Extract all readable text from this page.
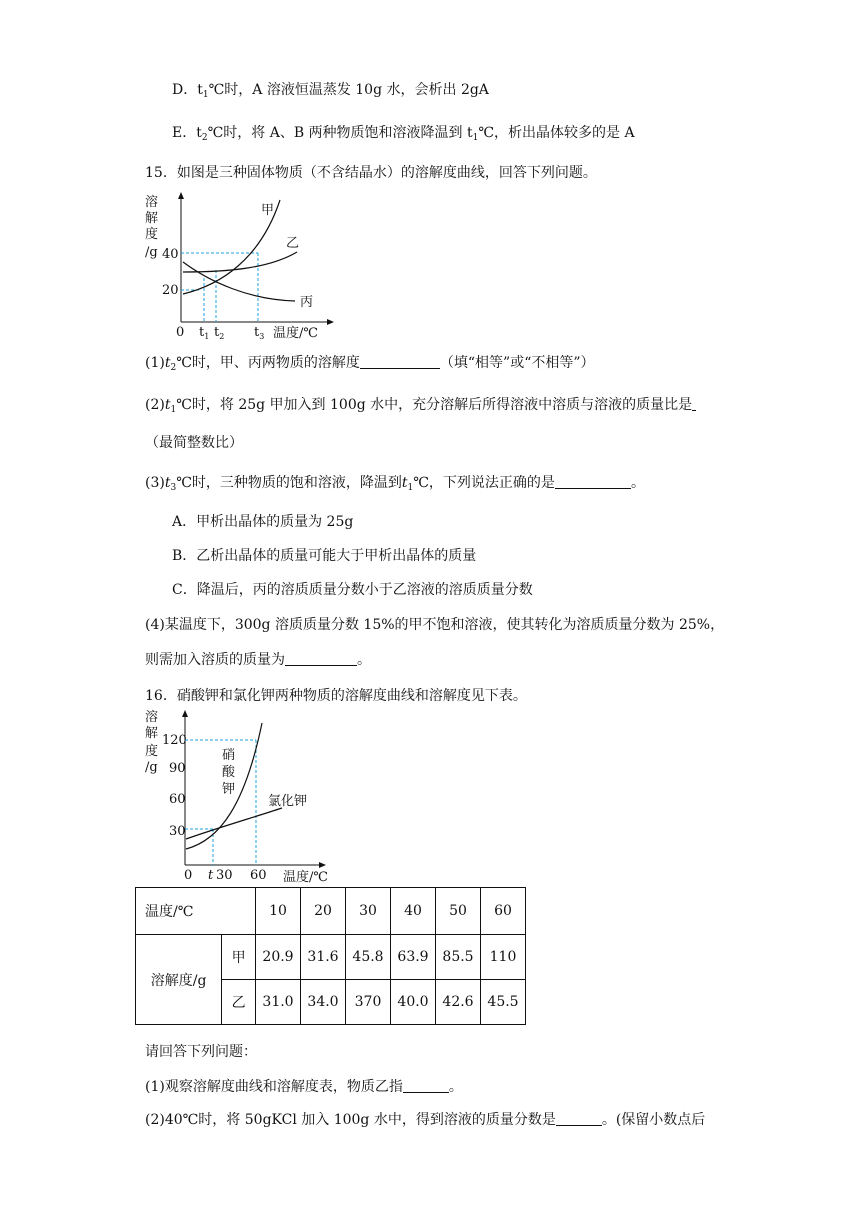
D．$t_1℃$时，A 溶液恒温蒸发 10g 水，会析出 2gA
E．$t_2℃$时，将 A、B 两种物质饱和溶液降温到 $t_1℃$，析出晶体较多的是 A
15．如图是三种固体物质（不含结晶水）的溶解度曲线，回答下列问题。
溶
解
度
/g 40
20
0 $t_1$ $t_2$ $t_3$ 温度/℃
甲
乙
丙
$(1)t_2℃$时，甲、丙两物质的溶解度	（填“相等”或“不相等”）
$(2)t_1℃$时，将 25g 甲加入到 100g 水中，充分溶解后所得溶液中溶质与溶液的质量比是
（最简整数比）
$(3)t_3℃$时，三种物质的饱和溶液，降温到$t_1℃$，下列说法正确的是	。
A．甲析出晶体的质量为 25g
B．乙析出晶体的质量可能大于甲析出晶体的质量
C．降温后，丙的溶质质量分数小于乙溶液的溶质质量分数
(4)某温度下，300g 溶质质量分数 15%的甲不饱和溶液，使其转化为溶质质量分数为 25%，
则需加入溶质的质量为	。
16．硝酸钾和氯化钾两种物质的溶解度曲线和溶解度见下表。
溶
解
度
/g
120
90
60
30
0 t 30 60 温度/℃
硝
酸
钾
氯化钾
温度/℃		10	20	30	40	50	60
溶解度/g	甲	20.9	31.6	45.8	63.9	85.5	110
	乙	31.0	34.0	370	40.0	42.6	45.5
请回答下列问题：
(1)观察溶解度曲线和溶解度表，物质乙指	。
(2)40℃时，将 50gKCl 加入 100g 水中，得到溶液的质量分数是	。(保留小数点后
